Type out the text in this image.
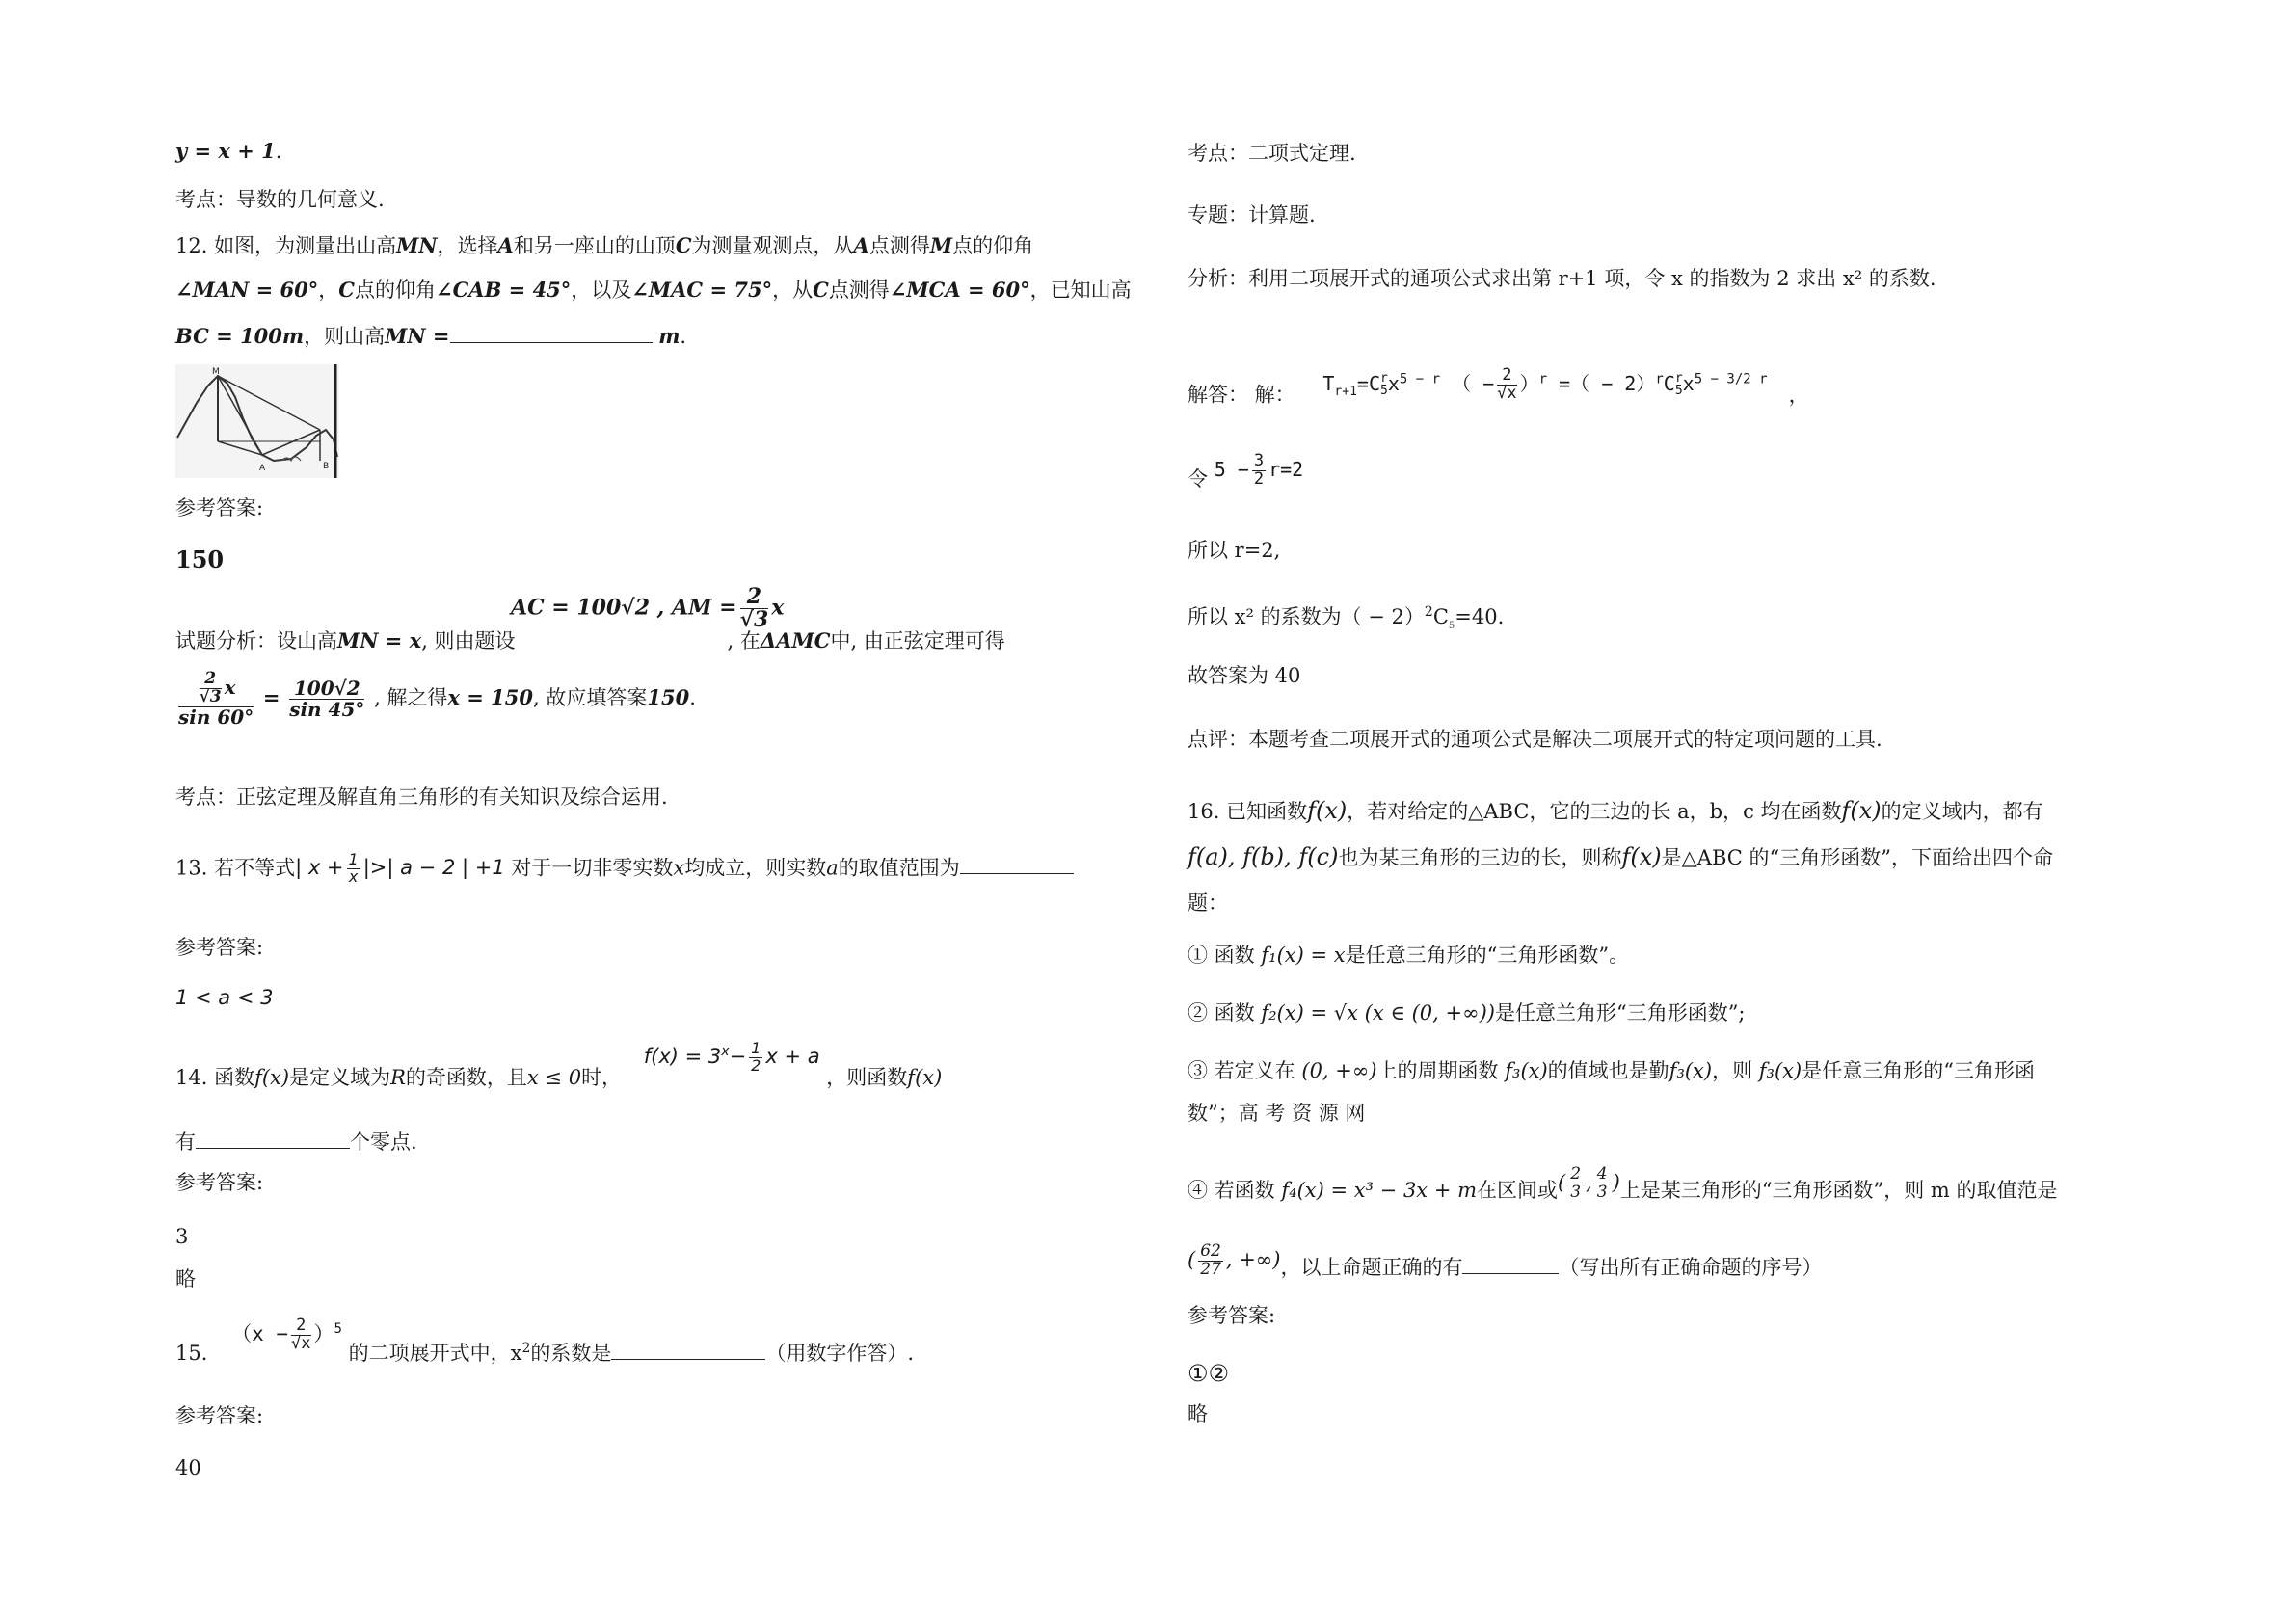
y = x + 1.
考点：导数的几何意义.
12. 如图，为测量出山高MN，选择A和另一座山的山顶C为测量观测点，从A点测得M点的仰角
∠MAN = 60°，C点的仰角∠CAB = 45°，以及∠MAC = 75°，从C点测得∠MCA = 60°，已知山高
BC = 100m，则山高MN =	m.
M
A	B
参考答案:
150
AC = 100√2 , AM = $\frac{2}{√3}$ x
试题分析：设山高MN = x, 则由题设	, 在ΔAMC中, 由正弦定理可得
$\frac{\frac{2}{√3} x}{\sin 60^\circ} = \frac{100√2}{\sin 45^\circ}$ , 解之得x = 150, 故应填答案150.
考点：正弦定理及解直角三角形的有关知识及综合运用.
13. 若不等式| $x + \frac{1}{x}$ |>| a − 2 | +1 对于一切非零实数x均成立，则实数a的取值范围为
参考答案:
1 < a < 3
14. 函数f(x)是定义域为R的奇函数，且x ≤ 0时， $f(x) = 3^x- \frac{1}{2}$ x + a ，则函数f(x)
有	个零点.
参考答案:
3
略
15. $(x - \frac{2}{√x} )^5$ 的二项展开式中，$x^2$的系数是	（用数字作答）.
参考答案:
40
考点：二项式定理.
专题：计算题.
分析：利用二项展开式的通项公式求出第 r+1 项，令 x 的指数为 2 求出 x² 的系数.
解答： 解： $T_{r+1}=C$ r
5 $x^{5 - r}$ （ − $\frac{2}{√x} )^r$ =（ − 2）$^r$C r
5 $x^{5 - 3/2 r}$ ，
令 $5 - \frac{3}{2} r=2$
所以 r=2,
所以 x² 的系数为（ − $2)^2C_5=40$.
故答案为 40
点评：本题考查二项展开式的通项公式是解决二项展开式的特定项问题的工具.
16. 已知函数f(x)，若对给定的△ABC，它的三边的长 a，b，c 均在函数f(x)的定义域内，都有
f(a), f(b), f(c)也为某三角形的三边的长，则称f(x)是△ABC 的“三角形函数”，下面给出四个命
题：
① 函数 f₁(x) = x是任意三角形的“三角形函数”。
② 函数 f₂(x) = √x (x ∈ (0, +∞))是任意兰角形“三角形函数”;
③ 若定义在 (0, +∞)上的周期函数 f₃(x)的值域也是勤f₃(x)，则 f₃(x)是任意三角形的“三角形函
数”；高 考 资 源 网
④ 若函数 f₄(x) = x³ − 3x + m在区间或( $\frac{2}{3}$ , $\frac{4}{3}$ )上是某三角形的“三角形函数”，则 m 的取值范是
( $\frac{62}{27}$ , +∞)，以上命题正确的有	（写出所有正确命题的序号）
参考答案:
①②
略
